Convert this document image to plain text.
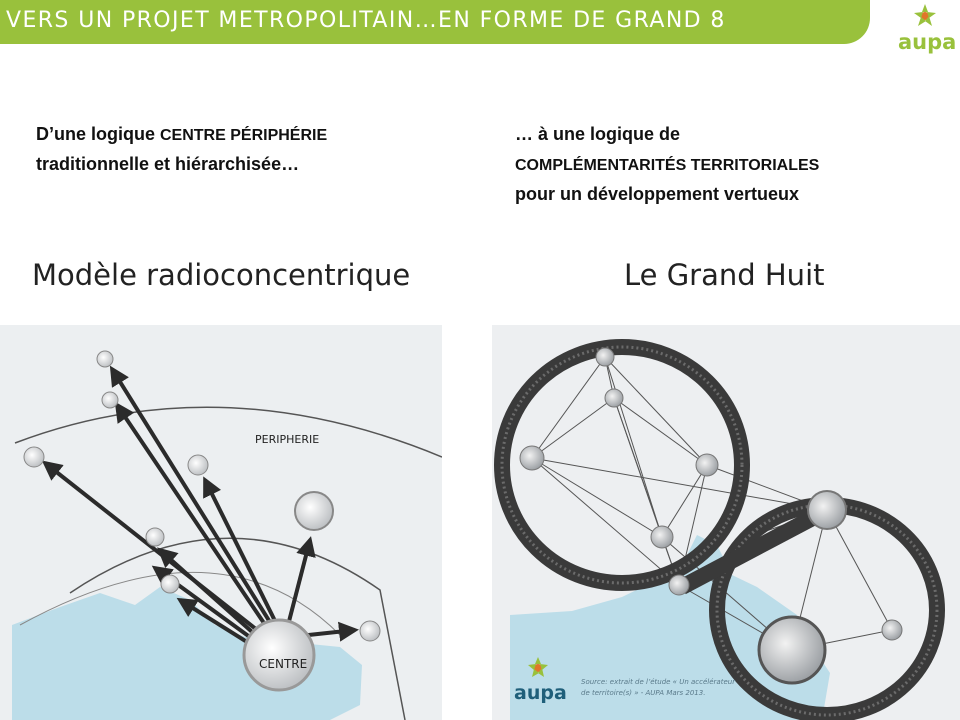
VERS UN PROJET METROPOLITAIN…EN FORME DE GRAND 8
aupa
D’une logique CENTRE PÉRIPHÉRIE
traditionnelle et hiérarchisée…
… à une logique de
COMPLÉMENTARITÉS TERRITORIALES
pour un développement vertueux
Modèle radioconcentrique	Le Grand Huit
PERIPHERIE
CENTRE
aupa Source: extrait de l’étude « Un accélérateur
de territoire(s) » - AUPA Mars 2013.
